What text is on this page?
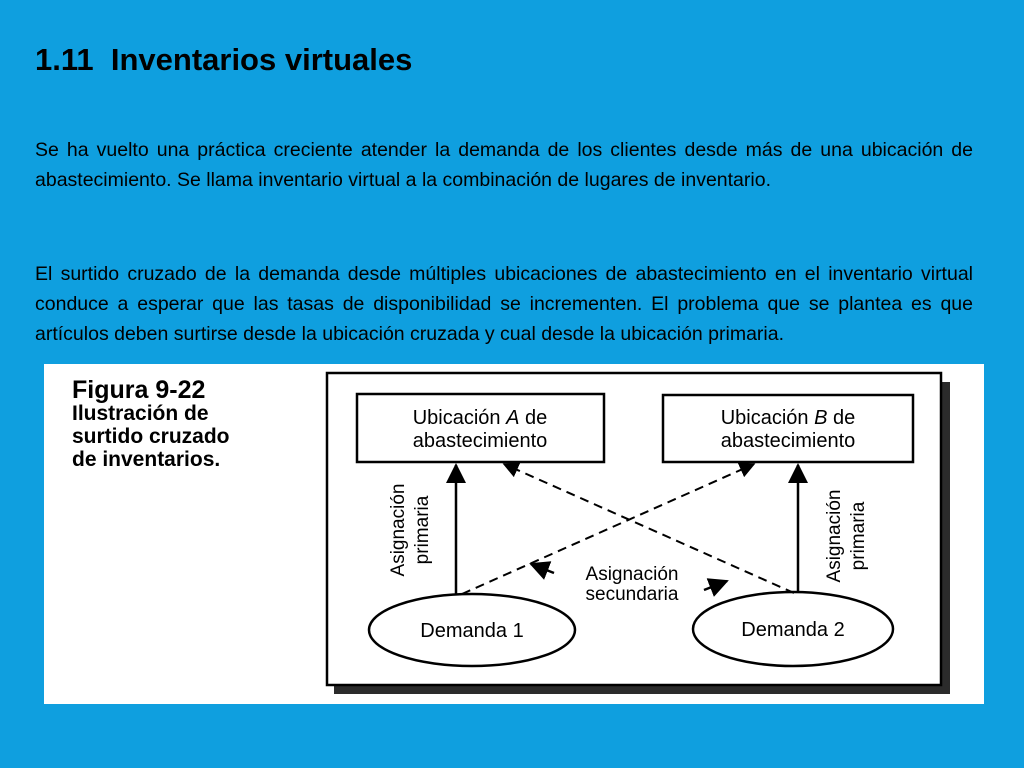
1.11  Inventarios virtuales
Se ha vuelto una práctica creciente atender la demanda de los clientes desde más de una ubicación de abastecimiento. Se llama inventario virtual a la combinación de lugares de inventario.
El surtido cruzado de la demanda desde múltiples ubicaciones de abastecimiento en el inventario virtual conduce a esperar que las tasas de disponibilidad se incrementen. El problema que se plantea es que artículos deben surtirse desde la ubicación cruzada y cual desde la ubicación primaria.
Figura 9-22
Ilustración de
surtido cruzado
de inventarios.
Ubicación A de
abastecimiento
Ubicación B de
abastecimiento
Demanda 1	Demanda 2
Asignación primaria	Asignación primaria
Asignación
secundaria
